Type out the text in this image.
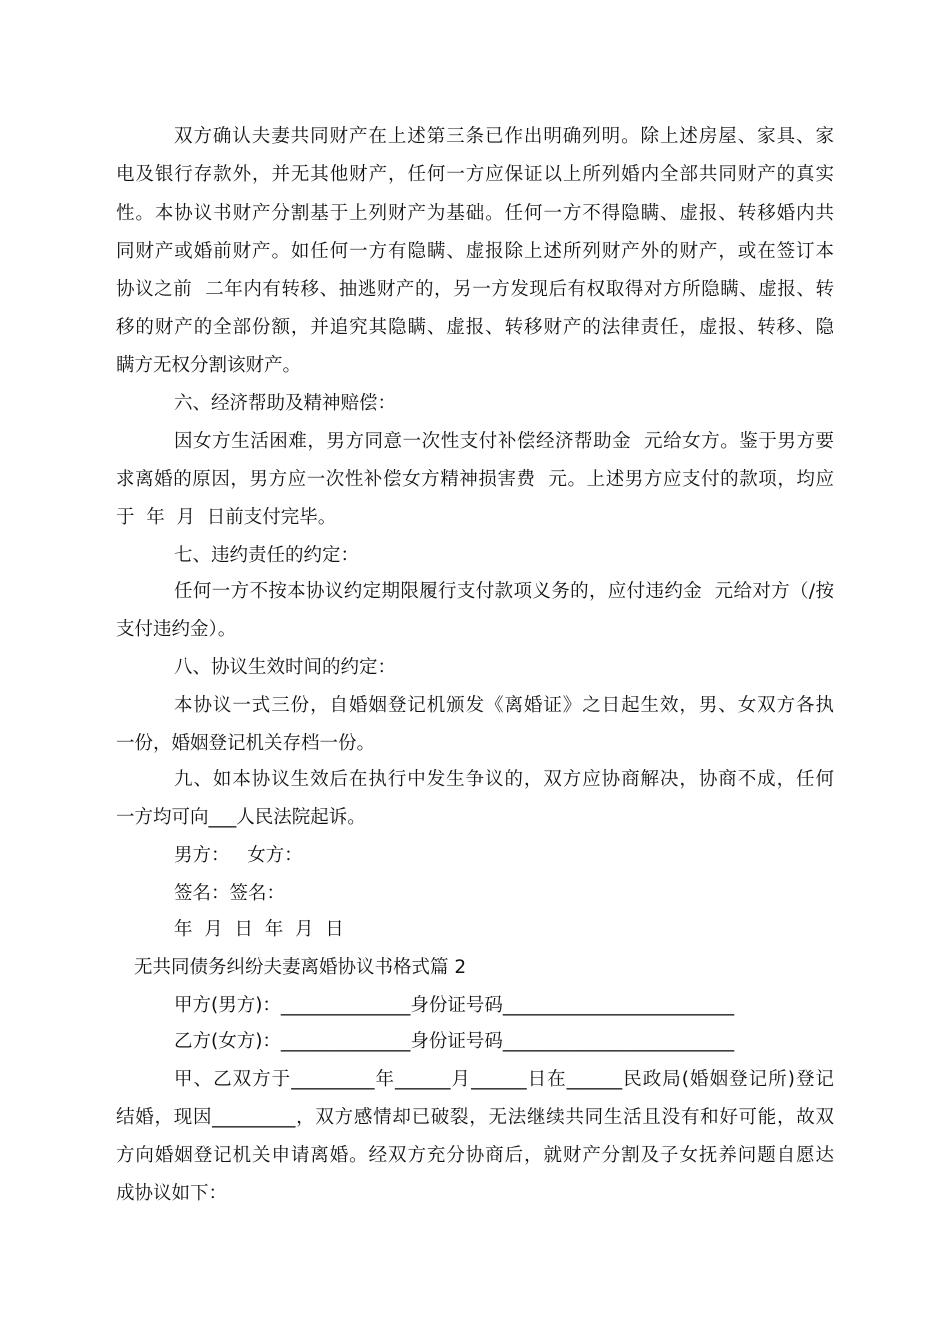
双方确认夫妻共同财产在上述第三条已作出明确列明。除上述房屋、家具、家
电及银行存款外，并无其他财产，任何一方应保证以上所列婚内全部共同财产的真实
性。本协议书财产分割基于上列财产为基础。任何一方不得隐瞒、虚报、转移婚内共
同财产或婚前财产。如任何一方有隐瞒、虚报除上述所列财产外的财产，或在签订本
协议之前  二年内有转移、抽逃财产的，另一方发现后有权取得对方所隐瞒、虚报、转
移的财产的全部份额，并追究其隐瞒、虚报、转移财产的法律责任，虚报、转移、隐
瞒方无权分割该财产。
六、经济帮助及精神赔偿：
因女方生活困难，男方同意一次性支付补偿经济帮助金  元给女方。鉴于男方要
求离婚的原因，男方应一次性补偿女方精神损害费  元。上述男方应支付的款项，均应
于  年  月  日前支付完毕。
七、违约责任的约定：
任何一方不按本协议约定期限履行支付款项义务的，应付违约金  元给对方（/按
支付违约金）。
八、协议生效时间的约定：
本协议一式三份，自婚姻登记机颁发《离婚证》之日起生效，男、女双方各执
一份，婚姻登记机关存档一份。
九、如本协议生效后在执行中发生争议的，双方应协商解决，协商不成，任何
一方均可向___人民法院起诉。
男方：   女方：
签名：签名：
年  月  日  年  月  日
无共同债务纠纷夫妻离婚协议书格式篇 2
甲方(男方)：______________身份证号码_________________________
乙方(女方)：______________身份证号码_________________________
甲、乙双方于_________年______月______日在______民政局(婚姻登记所)登记
结婚，现因_________，双方感情却已破裂，无法继续共同生活且没有和好可能，故双
方向婚姻登记机关申请离婚。经双方充分协商后，就财产分割及子女抚养问题自愿达
成协议如下：
